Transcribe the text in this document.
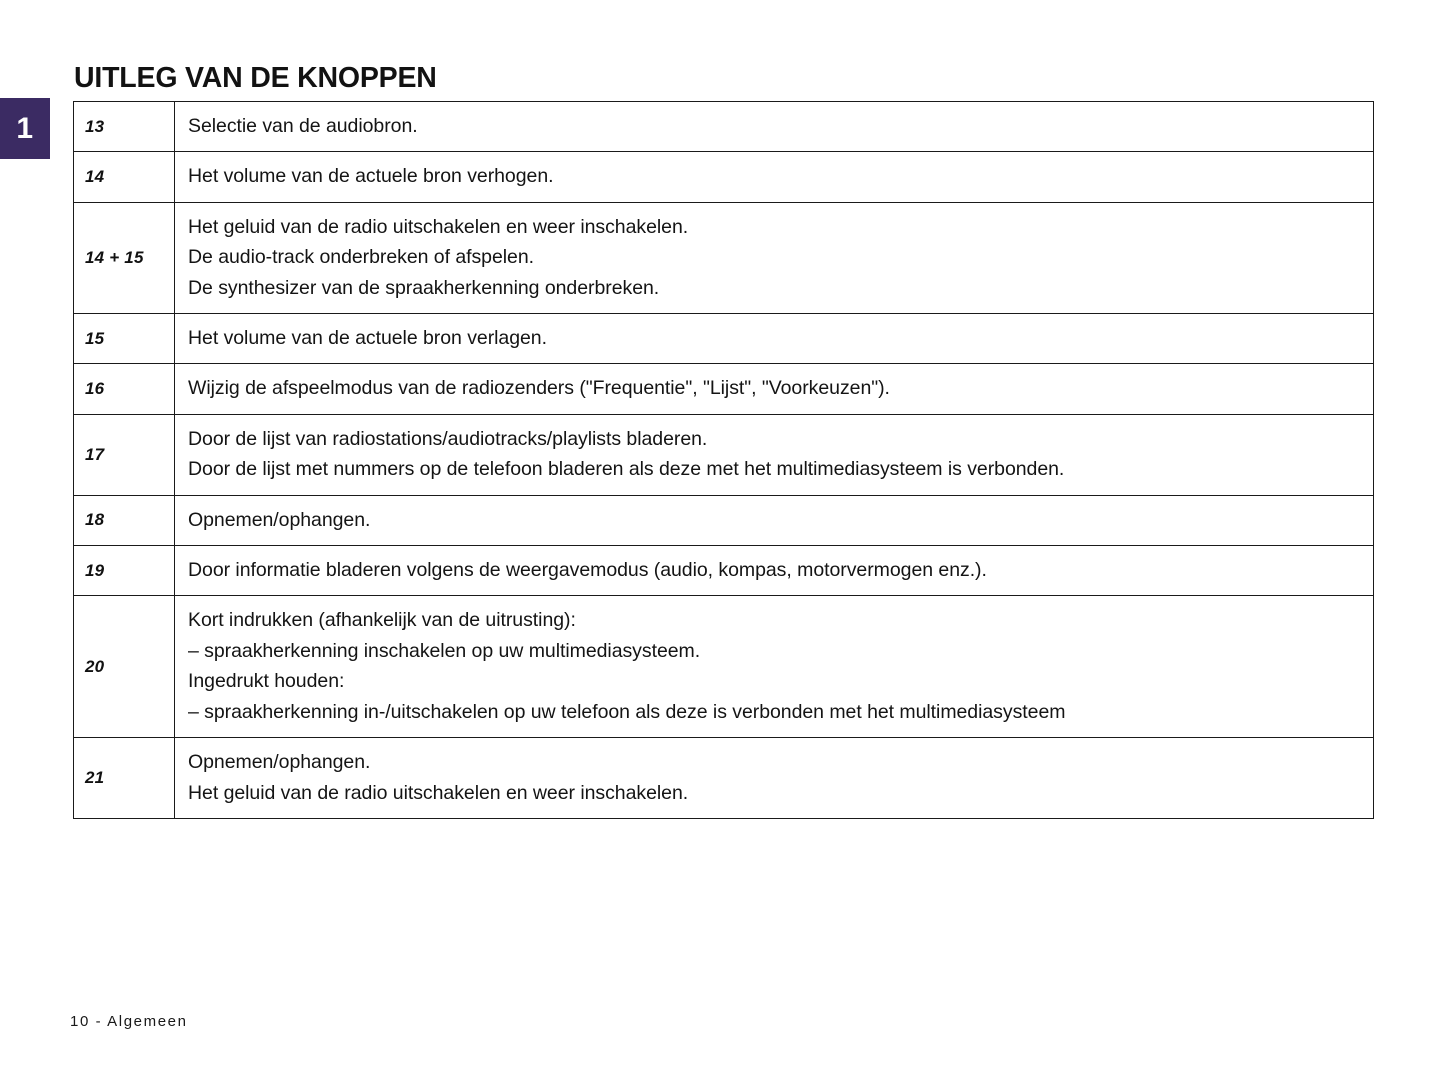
1
UITLEG VAN DE KNOPPEN
13	Selectie van de audiobron.

14	Het volume van de actuele bron verhogen.

14 + 15	Het geluid van de radio uitschakelen en weer inschakelen.
De audio-track onderbreken of afspelen.
De synthesizer van de spraakherkenning onderbreken.

15	Het volume van de actuele bron verlagen.

16	Wijzig de afspeelmodus van de radiozenders ("Frequentie", "Lijst", "Voorkeuzen").

17	Door de lijst van radiostations/audiotracks/playlists bladeren.
Door de lijst met nummers op de telefoon bladeren als deze met het multimediasysteem is verbonden.

18	Opnemen/ophangen.

19	Door informatie bladeren volgens de weergavemodus (audio, kompas, motorvermogen enz.).

20	Kort indrukken (afhankelijk van de uitrusting):
– spraakherkenning inschakelen op uw multimediasysteem.
Ingedrukt houden:
– spraakherkenning in-/uitschakelen op uw telefoon als deze is verbonden met het multimediasysteem

21	Opnemen/ophangen.
Het geluid van de radio uitschakelen en weer inschakelen.
10 - Algemeen
